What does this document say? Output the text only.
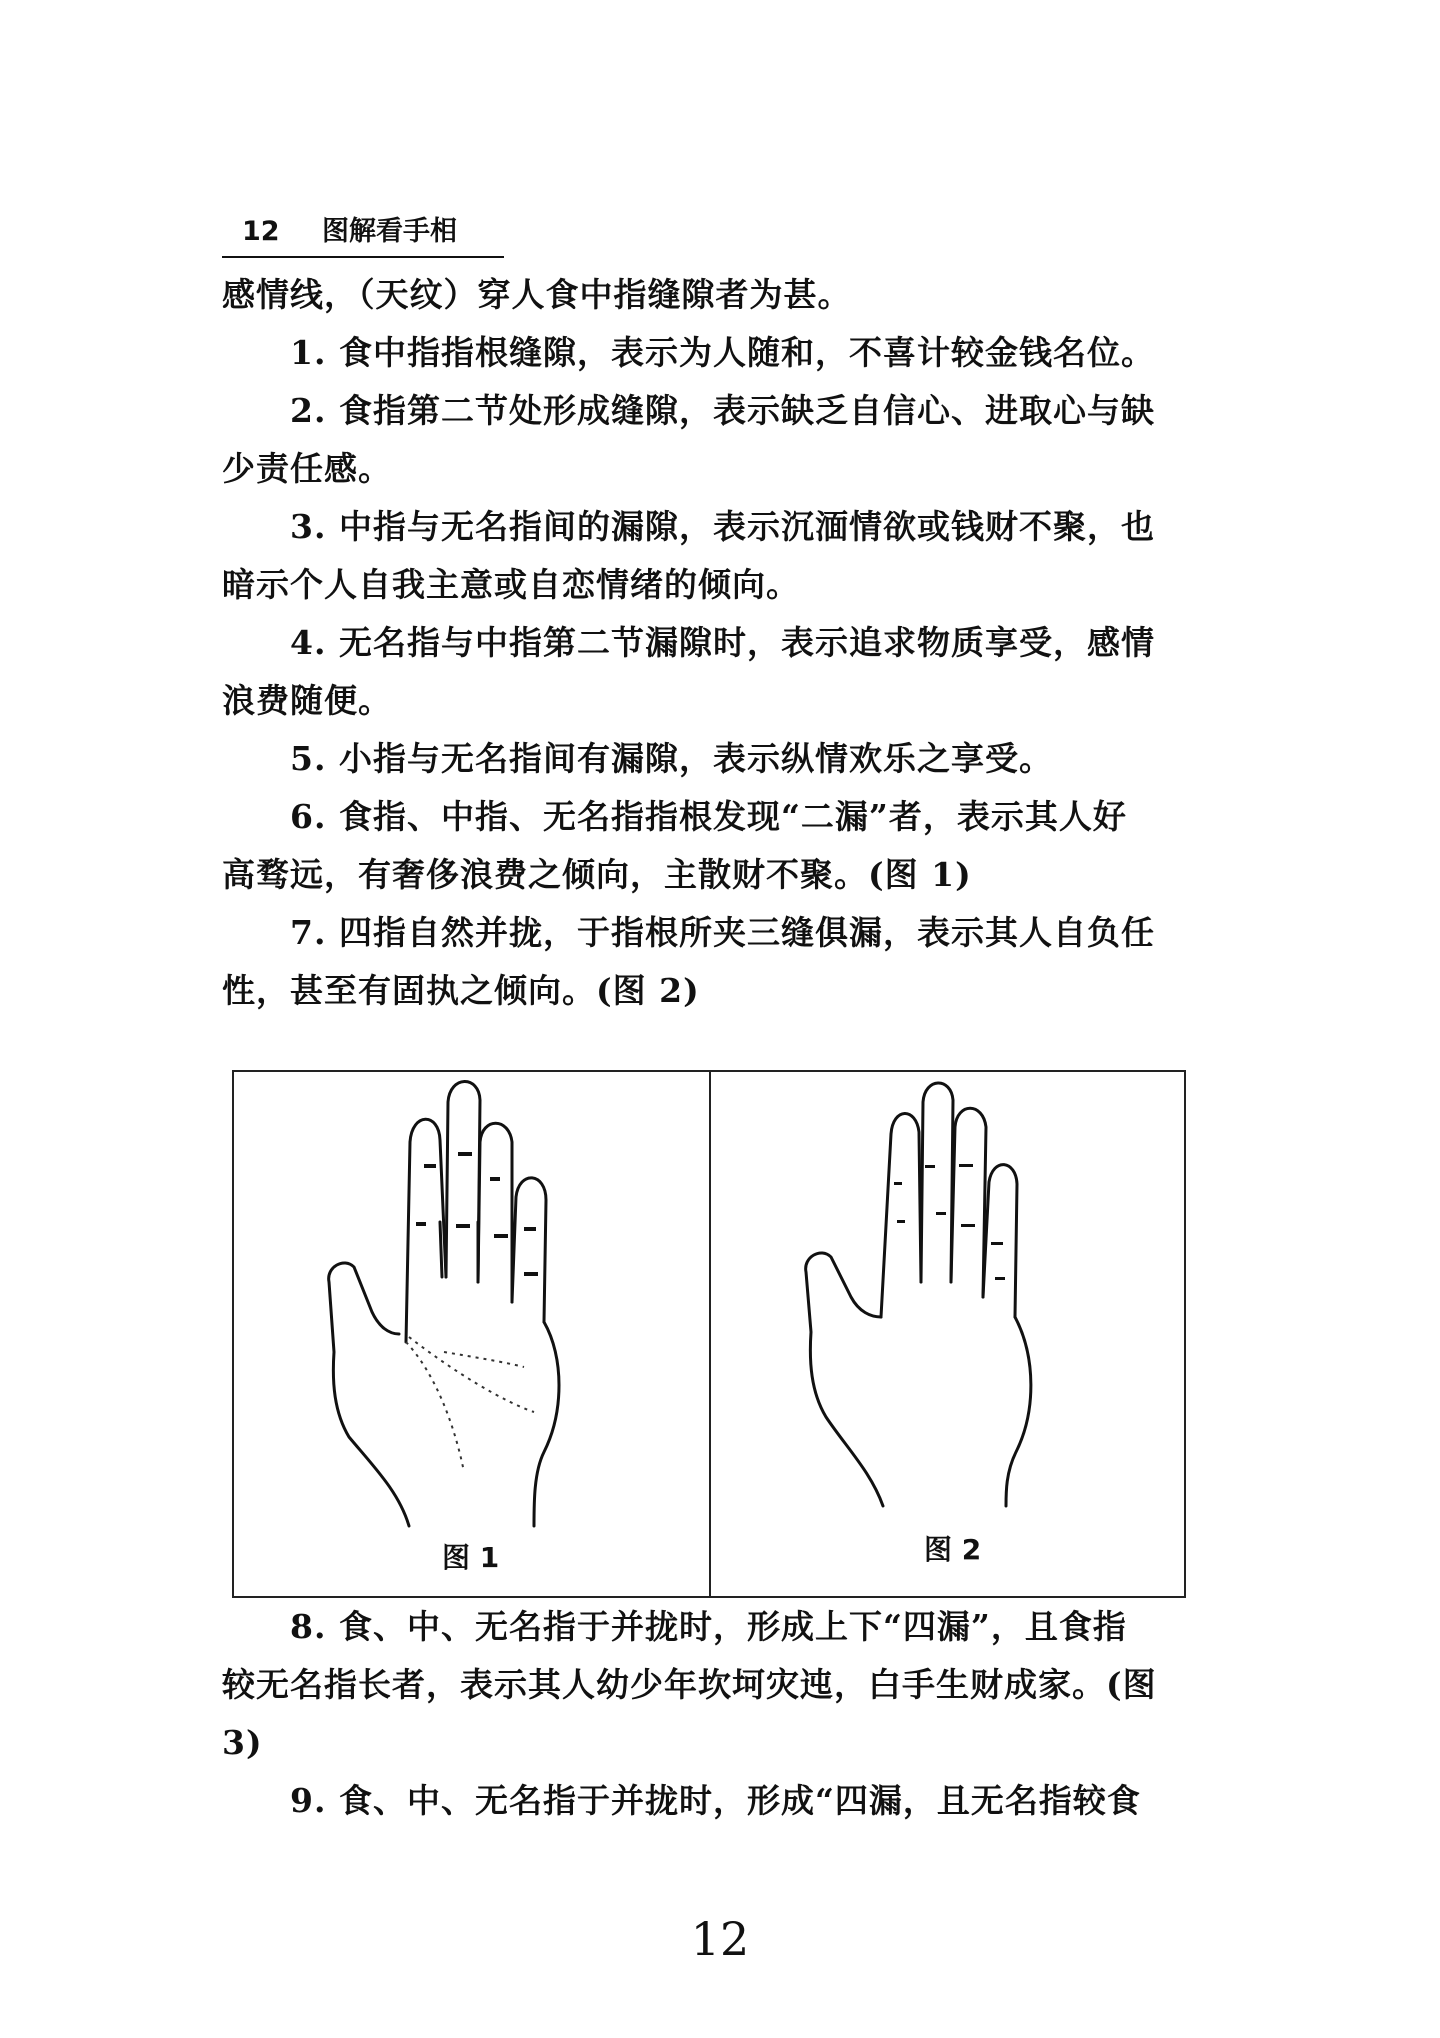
12 图解看手相

感情线，（天纹）穿人食中指缝隙者为甚。

1. 食中指指根缝隙，表示为人随和，不喜计较金钱名位。

2. 食指第二节处形成缝隙，表示缺乏自信心、进取心与缺

少责任感。

3. 中指与无名指间的漏隙，表示沉湎情欲或钱财不聚，也

暗示个人自我主意或自恋情绪的倾向。

4. 无名指与中指第二节漏隙时，表示追求物质享受，感情

浪费随便。

5. 小指与无名指间有漏隙，表示纵情欢乐之享受。

6. 食指、中指、无名指指根发现“二漏”者，表示其人好

高骛远，有奢侈浪费之倾向，主散财不聚。(图 1)

7. 四指自然并拢，于指根所夹三缝俱漏，表示其人自负任

性，甚至有固执之倾向。(图 2)

图 1	图 2

8. 食、中、无名指于并拢时，形成上下“四漏”，且食指

较无名指长者，表示其人幼少年坎坷灾迍，白手生财成家。(图

3)

9. 食、中、无名指于并拢时，形成“四漏，且无名指较食

12
